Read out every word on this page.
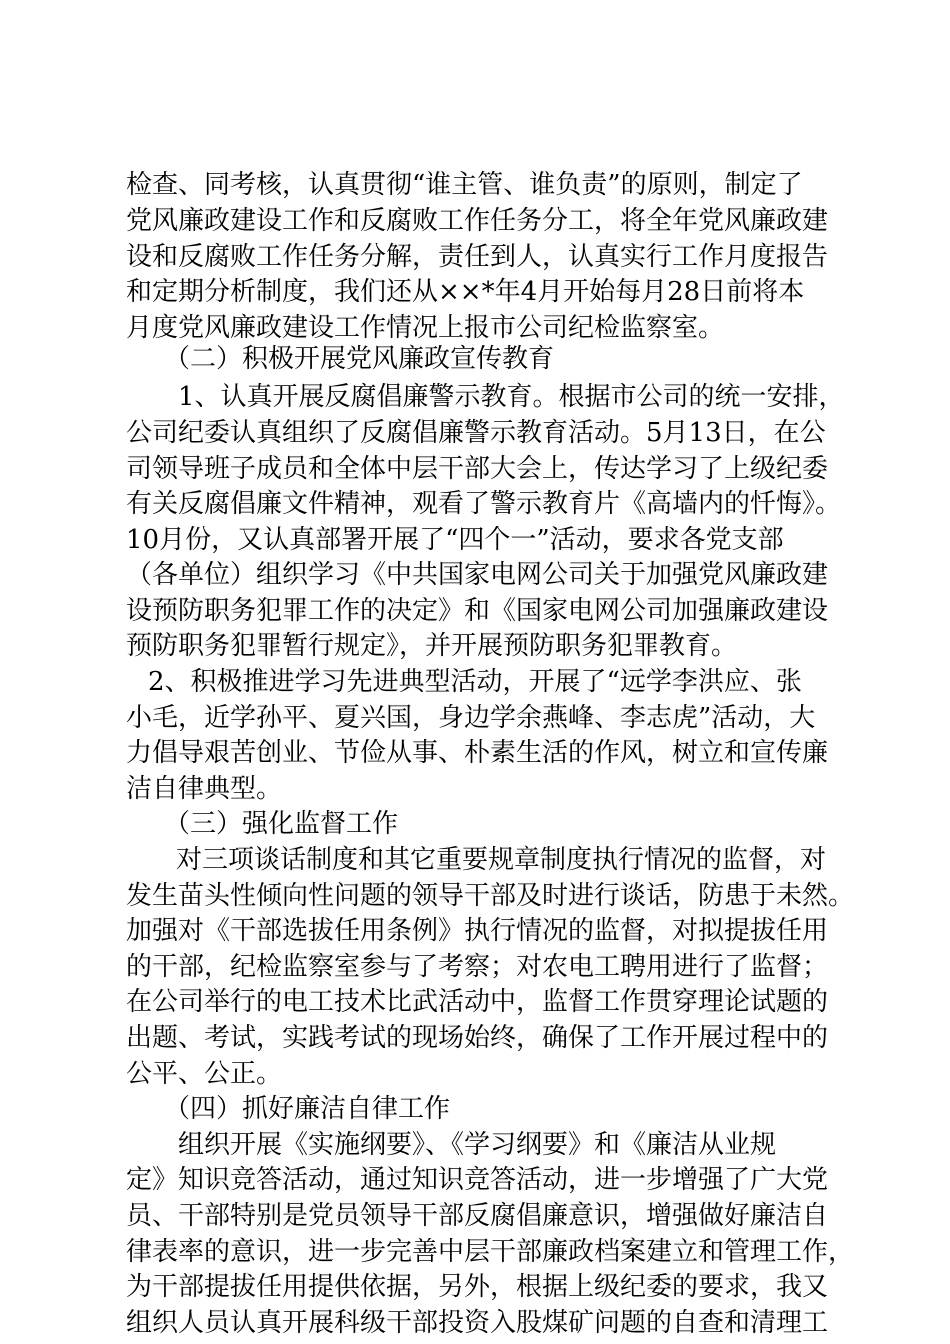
检查、同考核，认真贯彻“谁主管、谁负责”的原则，制定了
党风廉政建设工作和反腐败工作任务分工，将全年党风廉政建
设和反腐败工作任务分解，责任到人，认真实行工作月度报告
和定期分析制度，我们还从××*年4月开始每月28日前将本
月度党风廉政建设工作情况上报市公司纪检监察室。
（二）积极开展党风廉政宣传教育
1、认真开展反腐倡廉警示教育。根据市公司的统一安排，
公司纪委认真组织了反腐倡廉警示教育活动。5月13日，在公
司领导班子成员和全体中层干部大会上，传达学习了上级纪委
有关反腐倡廉文件精神，观看了警示教育片《高墙内的忏悔》。
10月份，又认真部署开展了“四个一”活动，要求各党支部
（各单位）组织学习《中共国家电网公司关于加强党风廉政建
设预防职务犯罪工作的决定》和《国家电网公司加强廉政建设
预防职务犯罪暂行规定》，并开展预防职务犯罪教育。
2、积极推进学习先进典型活动，开展了“远学李洪应、张
小毛，近学孙平、夏兴国，身边学余燕峰、李志虎”活动，大
力倡导艰苦创业、节俭从事、朴素生活的作风，树立和宣传廉
洁自律典型。
（三）强化监督工作
对三项谈话制度和其它重要规章制度执行情况的监督，对
发生苗头性倾向性问题的领导干部及时进行谈话，防患于未然。
加强对《干部选拔任用条例》执行情况的监督，对拟提拔任用
的干部，纪检监察室参与了考察；对农电工聘用进行了监督；
在公司举行的电工技术比武活动中，监督工作贯穿理论试题的
出题、考试，实践考试的现场始终，确保了工作开展过程中的
公平、公正。
（四）抓好廉洁自律工作
组织开展《实施纲要》、《学习纲要》和《廉洁从业规
定》知识竞答活动，通过知识竞答活动，进一步增强了广大党
员、干部特别是党员领导干部反腐倡廉意识，增强做好廉洁自
律表率的意识，进一步完善中层干部廉政档案建立和管理工作，
为干部提拔任用提供依据，另外，根据上级纪委的要求，我又
组织人员认真开展科级干部投资入股煤矿问题的自查和清理工
